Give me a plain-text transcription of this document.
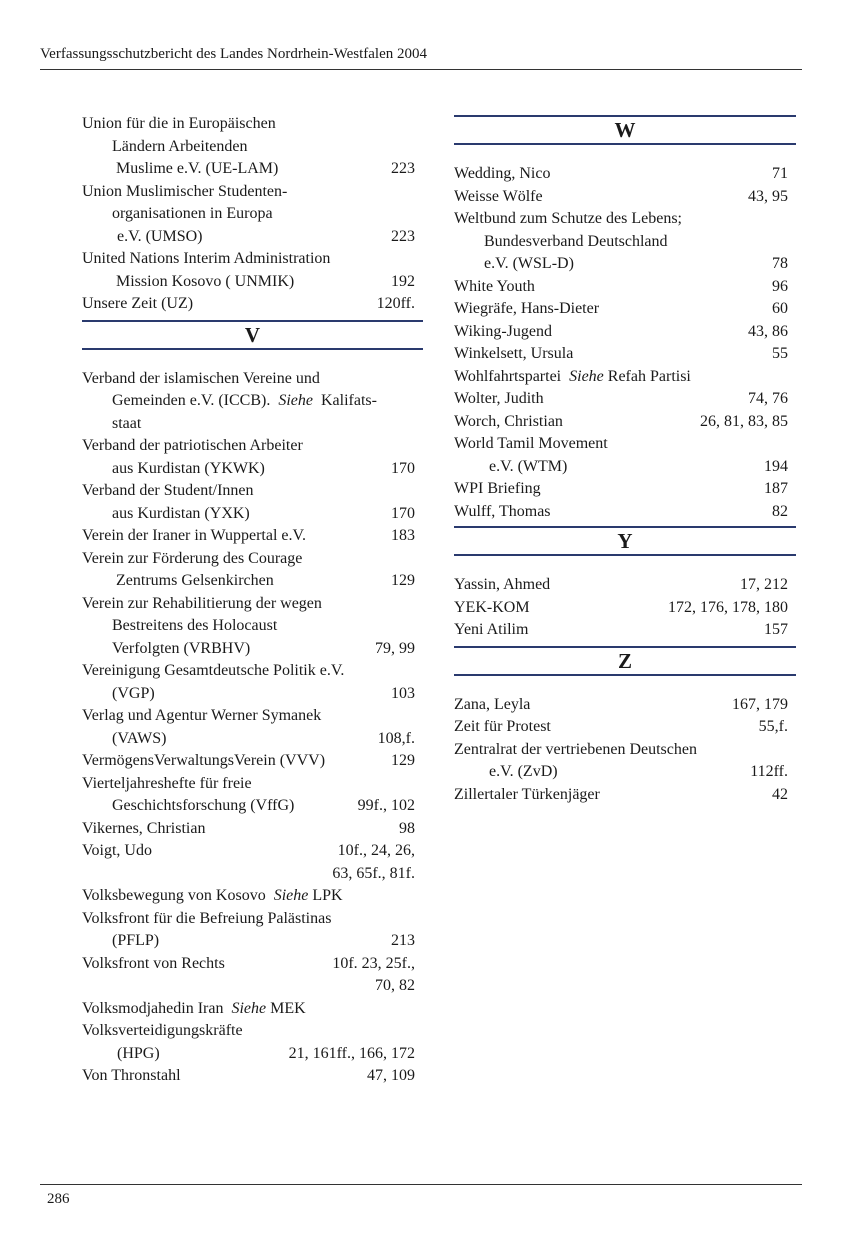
Verfassungsschutzbericht des Landes Nordrhein-Westfalen 2004
Union für die in Europäischen
Ländern Arbeitenden
Muslime e.V. (UE-LAM)	223
Union Muslimischer Studenten-
organisationen in Europa
e.V. (UMSO)	223
United Nations Interim Administration
Mission Kosovo ( UNMIK)	192
Unsere Zeit (UZ)	120ff.
V
Verband der islamischen Vereine und
Gemeinden e.V. (ICCB). Siehe Kalifats-
staat
Verband der patriotischen Arbeiter
aus Kurdistan (YKWK)	170
Verband der Student/Innen
aus Kurdistan (YXK)	170
Verein der Iraner in Wuppertal e.V.	183
Verein zur Förderung des Courage
Zentrums Gelsenkirchen	129
Verein zur Rehabilitierung der wegen
Bestreitens des Holocaust
Verfolgten (VRBHV)	79, 99
Vereinigung Gesamtdeutsche Politik e.V.
(VGP)	103
Verlag und Agentur Werner Symanek
(VAWS)	108,f.
VermögensVerwaltungsVerein (VVV)	129
Vierteljahreshefte für freie
Geschichtsforschung (VffG)	99f., 102
Vikernes, Christian	98
Voigt, Udo	10f., 24, 26,
63, 65f., 81f.
Volksbewegung von Kosovo Siehe LPK
Volksfront für die Befreiung Palästinas
(PFLP)	213
Volksfront von Rechts	10f. 23, 25f.,
70, 82
Volksmodjahedin Iran Siehe MEK
Volksverteidigungskräfte
(HPG)	21, 161ff., 166, 172
Von Thronstahl	47, 109
W
Wedding, Nico	71
Weisse Wölfe	43, 95
Weltbund zum Schutze des Lebens;
Bundesverband Deutschland
e.V. (WSL-D)	78
White Youth	96
Wiegräfe, Hans-Dieter	60
Wiking-Jugend	43, 86
Winkelsett, Ursula	55
Wohlfahrtspartei Siehe Refah Partisi
Wolter, Judith	74, 76
Worch, Christian	26, 81, 83, 85
World Tamil Movement
e.V. (WTM)	194
WPI Briefing	187
Wulff, Thomas	82
Y
Yassin, Ahmed	17, 212
YEK-KOM	172, 176, 178, 180
Yeni Atilim	157
Z
Zana, Leyla	167, 179
Zeit für Protest	55,f.
Zentralrat der vertriebenen Deutschen
e.V. (ZvD)	112ff.
Zillertaler Türkenjäger	42
286
